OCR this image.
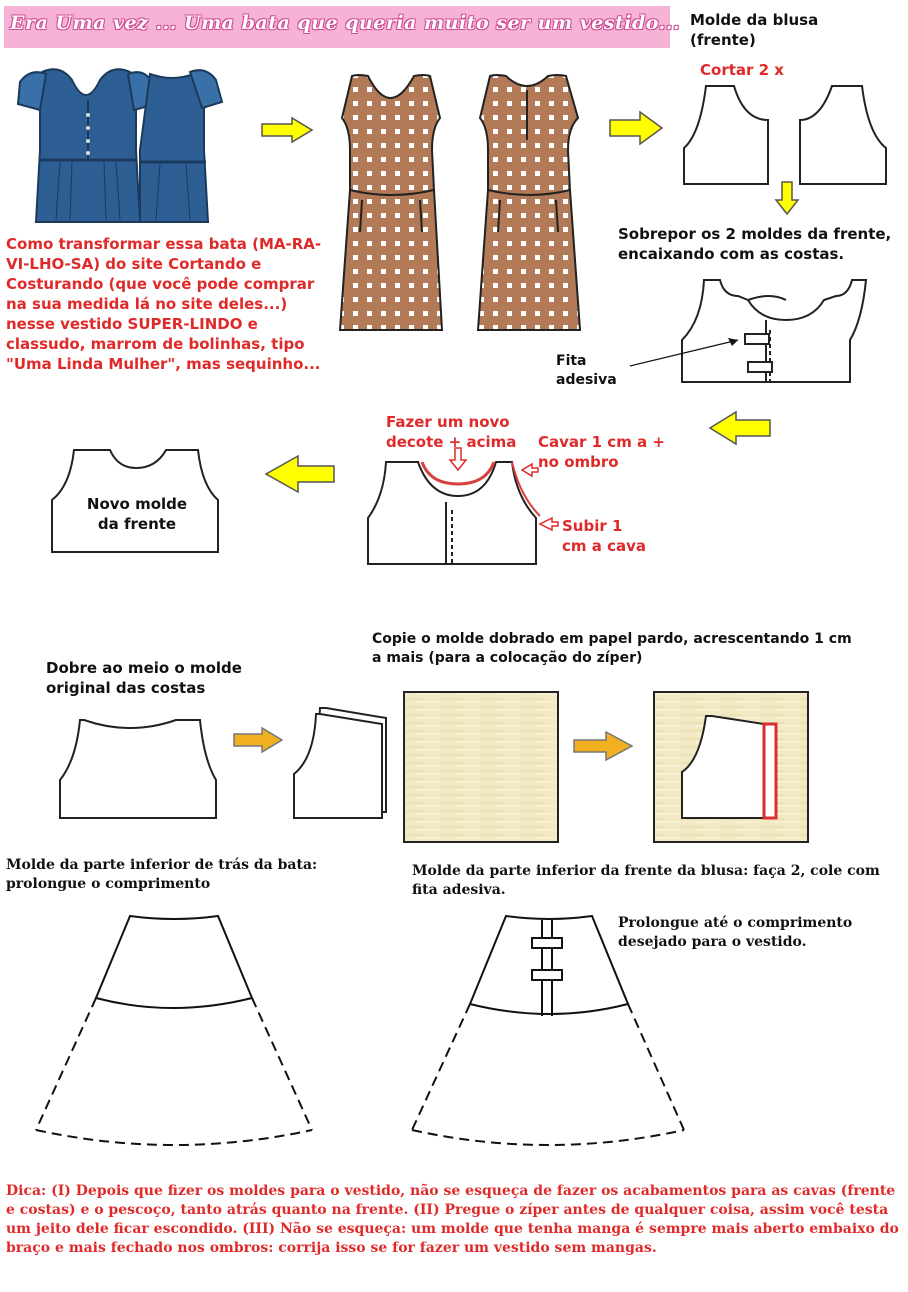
Era Uma vez ... Uma bata que queria muito ser um vestido... Molde da blusa (frente)
Cortar 2 x
Sobrepor os 2 moldes da frente, encaixando com as costas.
Fita adesiva
Como transformar essa bata (MA-RA-VI-LHO-SA) do site Cortando e Costurando (que você pode comprar na sua medida lá no site deles...) nesse vestido SUPER-LINDO e classudo, marrom de bolinhas, tipo "Uma Linda Mulher", mas sequinho...
Fazer um novo decote + acima	Cavar 1 cm a + no ombro
Subir 1 cm a cava
Novo molde da frente
Copie o molde dobrado em papel pardo, acrescentando 1 cm a mais (para a colocação do zíper)
Dobre ao meio o molde original das costas
Molde da parte inferior de trás da bata: prolongue o comprimento
Molde da parte inferior da frente da blusa: faça 2, cole com fita adesiva.
Prolongue até o comprimento desejado para o vestido.
Dica: (I) Depois que fizer os moldes para o vestido, não se esqueça de fazer os acabamentos para as cavas (frente e costas) e o pescoço, tanto atrás quanto na frente. (II) Pregue o zíper antes de qualquer coisa, assim você testa um jeito dele ficar escondido. (III) Não se esqueça: um molde que tenha manga é sempre mais aberto embaixo do braço e mais fechado nos ombros: corrija isso se for fazer um vestido sem mangas.
